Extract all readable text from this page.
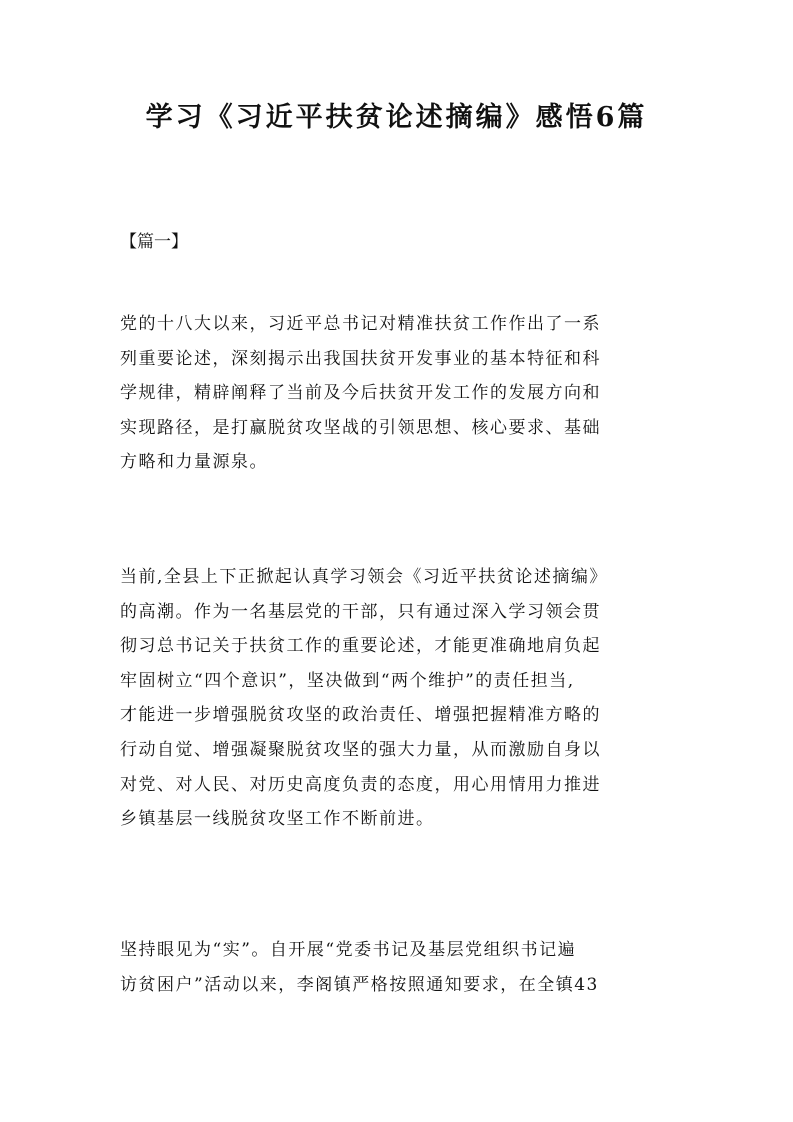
学习《习近平扶贫论述摘编》感悟6篇

【篇一】

党的十八大以来，习近平总书记对精准扶贫工作作出了一系
列重要论述，深刻揭示出我国扶贫开发事业的基本特征和科
学规律，精辟阐释了当前及今后扶贫开发工作的发展方向和
实现路径，是打赢脱贫攻坚战的引领思想、核心要求、基础
方略和力量源泉。

当前,全县上下正掀起认真学习领会《习近平扶贫论述摘编》
的高潮。作为一名基层党的干部，只有通过深入学习领会贯
彻习总书记关于扶贫工作的重要论述，才能更准确地肩负起
牢固树立“四个意识”，坚决做到“两个维护”的责任担当,
才能进一步增强脱贫攻坚的政治责任、增强把握精准方略的
行动自觉、增强凝聚脱贫攻坚的强大力量，从而激励自身以
对党、对人民、对历史高度负责的态度，用心用情用力推进
乡镇基层一线脱贫攻坚工作不断前进。

坚持眼见为“实”。自开展“党委书记及基层党组织书记遍
访贫困户”活动以来，李阁镇严格按照通知要求，在全镇43
